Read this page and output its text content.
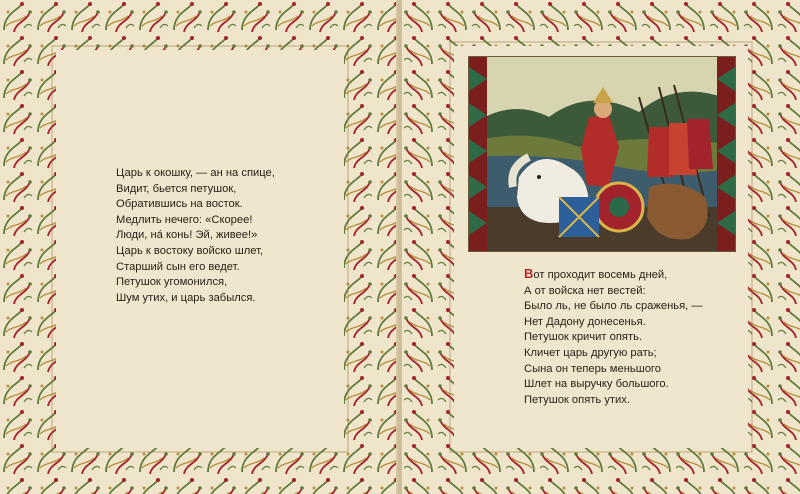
Царь к окошку, — ан на спице,
Видит, бьется петушок,
Обратившись на восток.
Медлить нечего: «Скорее!
Люди, на́ конь! Эй, живее!»
Царь к востоку войско шлет,
Старший сын его ведет.
Петушок угомонился,
Шум утих, и царь забылся.
Вот проходит восемь дней,
А от войска нет вестей:
Было ль, не было ль сраженья, —
Нет Дадону донесенья.
Петушок кричит опять.
Кличет царь другую рать;
Сына он теперь меньшого
Шлет на выручку большого.
Петушок опять утих.
